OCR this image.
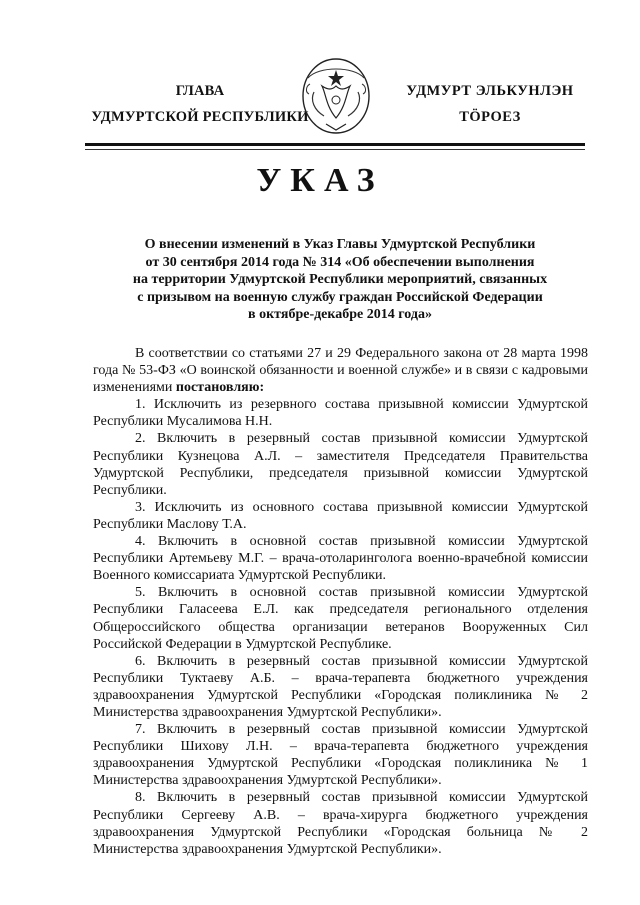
ГЛАВА
УДМУРТСКОЙ РЕСПУБЛИКИ
УДМУРТ ЭЛЬКУНЛЭН
ТӦРОЕЗ
УКАЗ
О внесении изменений в Указ Главы Удмуртской Республики
от 30 сентября 2014 года № 314 «Об обеспечении выполнения
на территории Удмуртской Республики мероприятий, связанных
с призывом на военную службу граждан Российской Федерации
в октябре-декабре 2014 года»

В соответствии со статьями 27 и 29 Федерального закона от 28 марта 1998 года № 53-ФЗ «О воинской обязанности и военной службе» и в связи с кадровыми изменениями постановляю:

1. Исключить из резервного состава призывной комиссии Удмуртской Республики Мусалимова Н.Н.

2. Включить в резервный состав призывной комиссии Удмуртской Республики Кузнецова А.Л. – заместителя Председателя Правительства Удмуртской Республики, председателя призывной комиссии Удмуртской Республики.

3. Исключить из основного состава призывной комиссии Удмуртской Республики Маслову Т.А.

4. Включить в основной состав призывной комиссии Удмуртской Республики Артемьеву М.Г. – врача-отоларинголога военно-врачебной комиссии Военного комиссариата Удмуртской Республики.

5. Включить в основной состав призывной комиссии Удмуртской Республики Галасеева Е.Л. как председателя регионального отделения Общероссийского общества организации ветеранов Вооруженных Сил Российской Федерации в Удмуртской Республике.

6. Включить в резервный состав призывной комиссии Удмуртской Республики Туктаеву А.Б. – врача-терапевта бюджетного учреждения здравоохранения Удмуртской Республики «Городская поликлиника № 2 Министерства здравоохранения Удмуртской Республики».

7. Включить в резервный состав призывной комиссии Удмуртской Республики Шихову Л.Н. – врача-терапевта бюджетного учреждения здравоохранения Удмуртской Республики «Городская поликлиника № 1 Министерства здравоохранения Удмуртской Республики».

8. Включить в резервный состав призывной комиссии Удмуртской Республики Сергееву А.В. – врача-хирурга бюджетного учреждения здравоохранения Удмуртской Республики «Городская больница № 2 Министерства здравоохранения Удмуртской Республики».
